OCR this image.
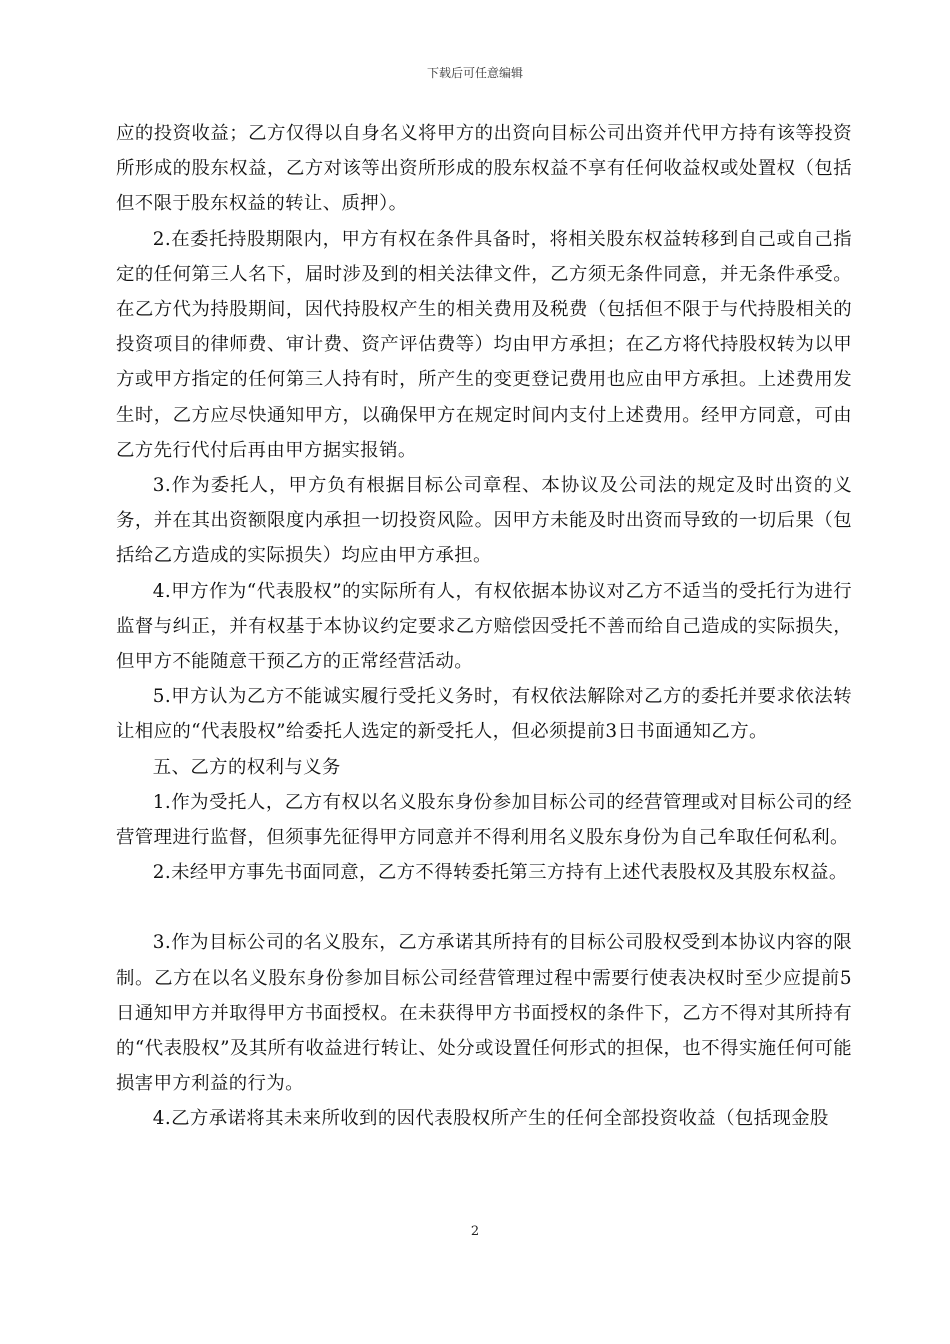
下载后可任意编辑

应的投资收益；乙方仅得以自身名义将甲方的出资向目标公司出资并代甲方持有该等投资所形成的股东权益，乙方对该等出资所形成的股东权益不享有任何收益权或处置权（包括但不限于股东权益的转让、质押）。

2.在委托持股期限内，甲方有权在条件具备时，将相关股东权益转移到自己或自己指定的任何第三人名下，届时涉及到的相关法律文件，乙方须无条件同意，并无条件承受。在乙方代为持股期间，因代持股权产生的相关费用及税费（包括但不限于与代持股相关的投资项目的律师费、审计费、资产评估费等）均由甲方承担；在乙方将代持股权转为以甲方或甲方指定的任何第三人持有时，所产生的变更登记费用也应由甲方承担。上述费用发生时，乙方应尽快通知甲方，以确保甲方在规定时间内支付上述费用。经甲方同意，可由乙方先行代付后再由甲方据实报销。

3.作为委托人，甲方负有根据目标公司章程、本协议及公司法的规定及时出资的义务，并在其出资额限度内承担一切投资风险。因甲方未能及时出资而导致的一切后果（包括给乙方造成的实际损失）均应由甲方承担。

4.甲方作为“代表股权”的实际所有人，有权依据本协议对乙方不适当的受托行为进行监督与纠正，并有权基于本协议约定要求乙方赔偿因受托不善而给自己造成的实际损失，但甲方不能随意干预乙方的正常经营活动。

5.甲方认为乙方不能诚实履行受托义务时，有权依法解除对乙方的委托并要求依法转让相应的“代表股权”给委托人选定的新受托人，但必须提前3日书面通知乙方。

五、乙方的权利与义务

1.作为受托人，乙方有权以名义股东身份参加目标公司的经营管理或对目标公司的经营管理进行监督，但须事先征得甲方同意并不得利用名义股东身份为自己牟取任何私利。

2.未经甲方事先书面同意，乙方不得转委托第三方持有上述代表股权及其股东权益。

3.作为目标公司的名义股东，乙方承诺其所持有的目标公司股权受到本协议内容的限制。乙方在以名义股东身份参加目标公司经营管理过程中需要行使表决权时至少应提前5日通知甲方并取得甲方书面授权。在未获得甲方书面授权的条件下，乙方不得对其所持有的“代表股权”及其所有收益进行转让、处分或设置任何形式的担保，也不得实施任何可能损害甲方利益的行为。

4.乙方承诺将其未来所收到的因代表股权所产生的任何全部投资收益（包括现金股

2
